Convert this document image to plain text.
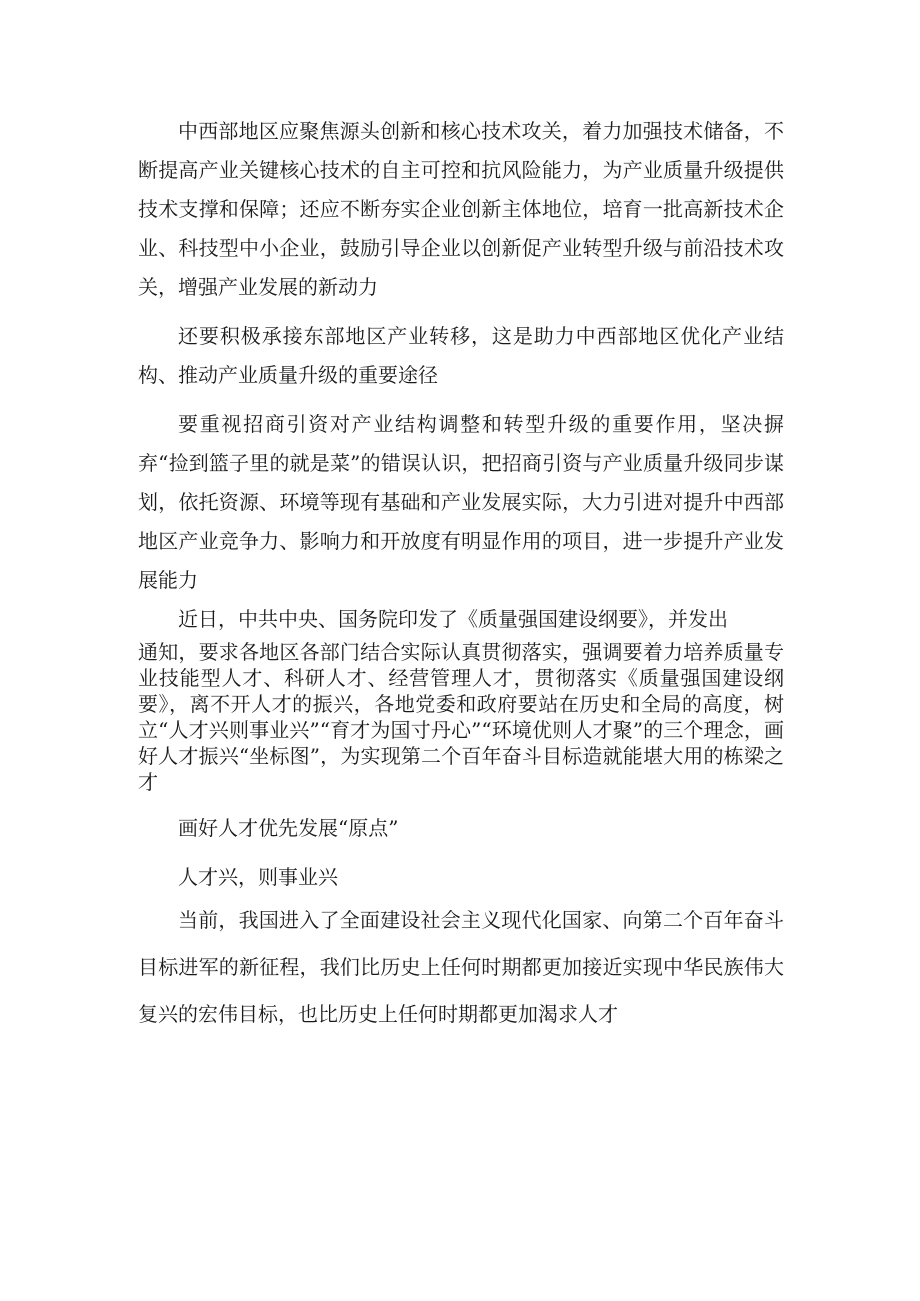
中西部地区应聚焦源头创新和核心技术攻关，着力加强技术储备，不断提高产业关键核心技术的自主可控和抗风险能力，为产业质量升级提供技术支撑和保障；还应不断夯实企业创新主体地位，培育一批高新技术企业、科技型中小企业，鼓励引导企业以创新促产业转型升级与前沿技术攻关，增强产业发展的新动力

还要积极承接东部地区产业转移，这是助力中西部地区优化产业结构、推动产业质量升级的重要途径

要重视招商引资对产业结构调整和转型升级的重要作用，坚决摒弃“捡到篮子里的就是菜”的错误认识，把招商引资与产业质量升级同步谋划，依托资源、环境等现有基础和产业发展实际，大力引进对提升中西部地区产业竞争力、影响力和开放度有明显作用的项目，进一步提升产业发展能力

近日，中共中央、国务院印发了《质量强国建设纲要》，并发出

通知，要求各地区各部门结合实际认真贯彻落实，强调要着力培养质量专业技能型人才、科研人才、经营管理人才，贯彻落实《质量强国建设纲要》，离不开人才的振兴，各地党委和政府要站在历史和全局的高度，树立“人才兴则事业兴”“育才为国寸丹心”“环境优则人才聚”的三个理念，画好人才振兴“坐标图”，为实现第二个百年奋斗目标造就能堪大用的栋梁之才

画好人才优先发展“原点”

人才兴，则事业兴

当前，我国进入了全面建设社会主义现代化国家、向第二个百年奋斗目标进军的新征程，我们比历史上任何时期都更加接近实现中华民族伟大复兴的宏伟目标，也比历史上任何时期都更加渴求人才
